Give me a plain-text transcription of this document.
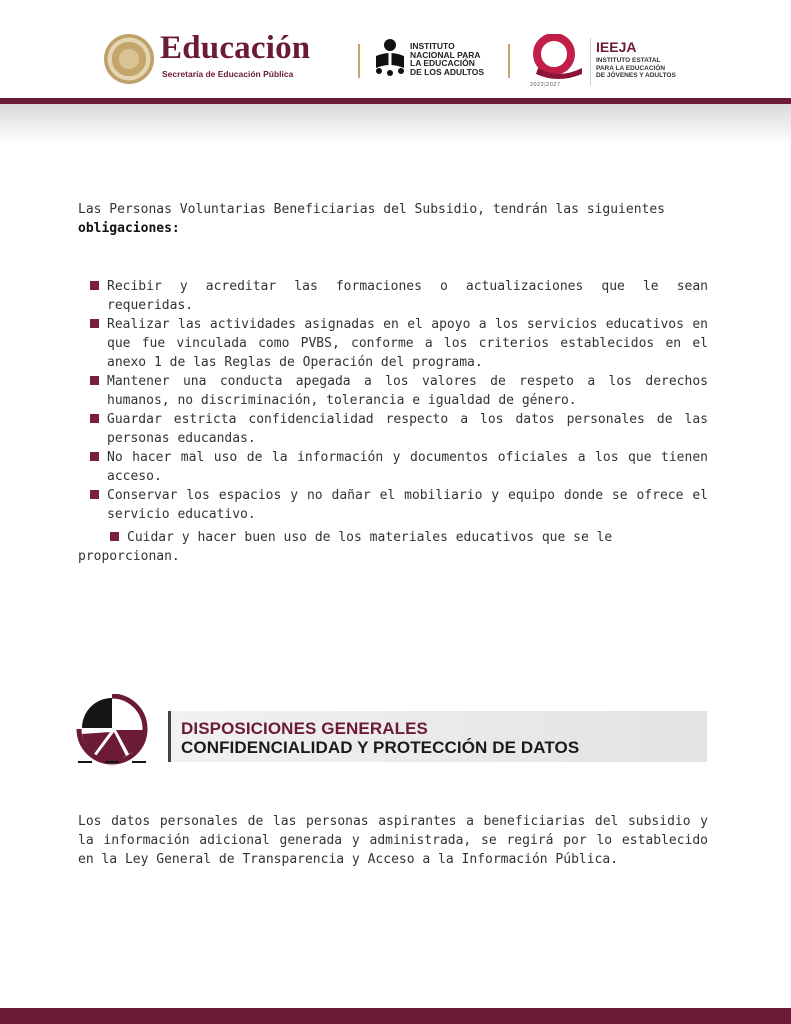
Educación
Secretaría de Educación Pública
INSTITUTO
NACIONAL PARA
LA EDUCACIÓN
DE LOS ADULTOS
2022|2027
IEEJA
INSTITUTO ESTATAL
PARA LA EDUCACIÓN
DE JÓVENES Y ADULTOS
Las Personas Voluntarias Beneficiarias del Subsidio, tendrán las siguientes
obligaciones:
Recibir y acreditar las formaciones o actualizaciones que le sean requeridas.
Realizar las actividades asignadas en el apoyo a los servicios educativos en que fue vinculada como PVBS, conforme a los criterios establecidos en el anexo 1 de las Reglas de Operación del programa.
Mantener una conducta apegada a los valores de respeto a los derechos humanos, no discriminación, tolerancia e igualdad de género.
Guardar estricta confidencialidad respecto a los datos personales de las personas educandas.
No hacer mal uso de la información y documentos oficiales a los que tienen acceso.
Conservar los espacios y no dañar el mobiliario y equipo donde se ofrece el servicio educativo.
Cuidar y hacer buen uso de los materiales educativos que se le proporcionan.
DISPOSICIONES GENERALES
CONFIDENCIALIDAD Y PROTECCIÓN DE DATOS
Los datos personales de las personas aspirantes a beneficiarias del subsidio y la información adicional generada y administrada, se regirá por lo establecido en la Ley General de Transparencia y Acceso a la Información Pública.
